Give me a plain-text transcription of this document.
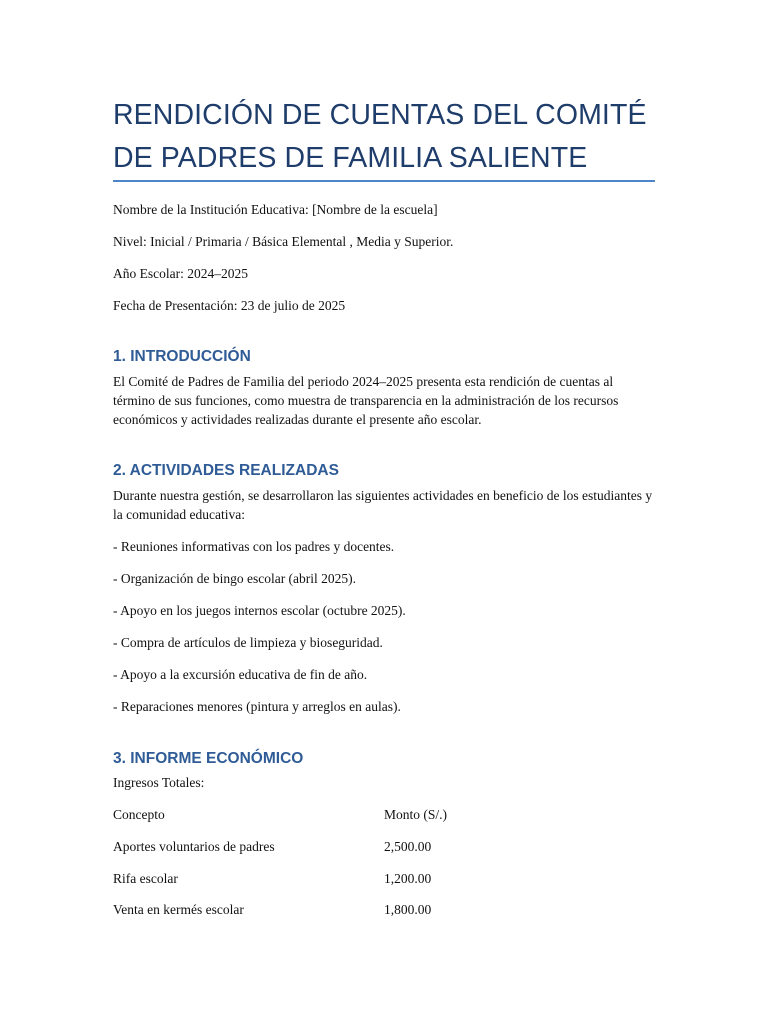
RENDICIÓN DE CUENTAS DEL COMITÉ DE PADRES DE FAMILIA SALIENTE

Nombre de la Institución Educativa: [Nombre de la escuela]

Nivel: Inicial / Primaria / Básica Elemental , Media y Superior.

Año Escolar: 2024–2025

Fecha de Presentación: 23 de julio de 2025

1. INTRODUCCIÓN

El Comité de Padres de Familia del periodo 2024–2025 presenta esta rendición de cuentas al término de sus funciones, como muestra de transparencia en la administración de los recursos económicos y actividades realizadas durante el presente año escolar.

2. ACTIVIDADES REALIZADAS

Durante nuestra gestión, se desarrollaron las siguientes actividades en beneficio de los estudiantes y la comunidad educativa:

- Reuniones informativas con los padres y docentes.

- Organización de bingo escolar (abril 2025).

- Apoyo en los juegos internos escolar (octubre 2025).

- Compra de artículos de limpieza y bioseguridad.

- Apoyo a la excursión educativa de fin de año.

- Reparaciones menores (pintura y arreglos en aulas).

3. INFORME ECONÓMICO

Ingresos Totales:

Concepto	Monto (S/.)
Aportes voluntarios de padres	2,500.00
Rifa escolar	1,200.00
Venta en kermés escolar	1,800.00
